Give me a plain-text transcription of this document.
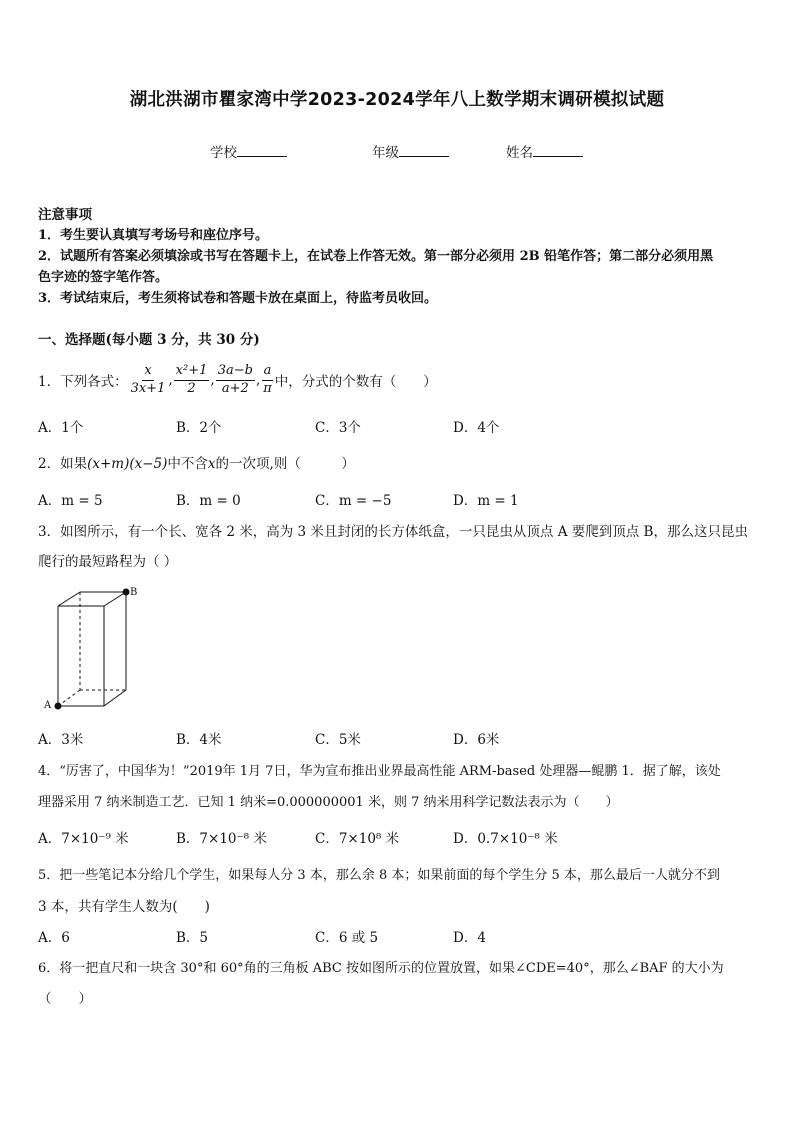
湖北洪湖市瞿家湾中学2023-2024学年八上数学期末调研模拟试题
学校	年级	姓名
注意事项
1．考生要认真填写考场号和座位序号。
2．试题所有答案必须填涂或书写在答题卡上，在试卷上作答无效。第一部分必须用 2B 铅笔作答；第二部分必须用黑
色字迹的签字笔作答。
3．考试结束后，考生须将试卷和答题卡放在桌面上，待监考员收回。
一、选择题(每小题 3 分，共 30 分)
1．下列各式： $\frac{x}{3x+1}$ , $\frac{\text{x²+1}}{2}$ , $\frac{3a-b}{a+2}$ , $\frac{a}{\pi}$ 中，分式的个数有（　　）
A．1个	B．2个	C．3个	D．4个
2．如果(x+m)(x−5)中不含x的一次项,则（　　　）
A．m = 5	B．m = 0	C．m = −5	D．m = 1
3．如图所示，有一个长、宽各 2 米，高为 3 米且封闭的长方体纸盒，一只昆虫从顶点 A 要爬到顶点 B，那么这只昆虫
爬行的最短路程为（ ）
A
B
A．3米	B．4米	C．5米	D．6米
4．“厉害了，中国华为！”2019年 1月 7日，华为宣布推出业界最高性能 ARM-based 处理器—鲲鹏 1．据了解，该处
理器采用 7 纳米制造工艺．已知 1 纳米=0.000000001 米，则 7 纳米用科学记数法表示为（　　）
A．7×10⁻⁹ 米	B．7×10⁻⁸ 米	C．7×10⁸ 米	D．0.7×10⁻⁸ 米
5．把一些笔记本分给几个学生，如果每人分 3 本，那么余 8 本；如果前面的每个学生分 5 本，那么最后一人就分不到
3 本，共有学生人数为(　　)
A．6	B．5	C．6 或 5	D．4
6．将一把直尺和一块含 30°和 60°角的三角板 ABC 按如图所示的位置放置，如果∠CDE=40°，那么∠BAF 的大小为
（　　）
